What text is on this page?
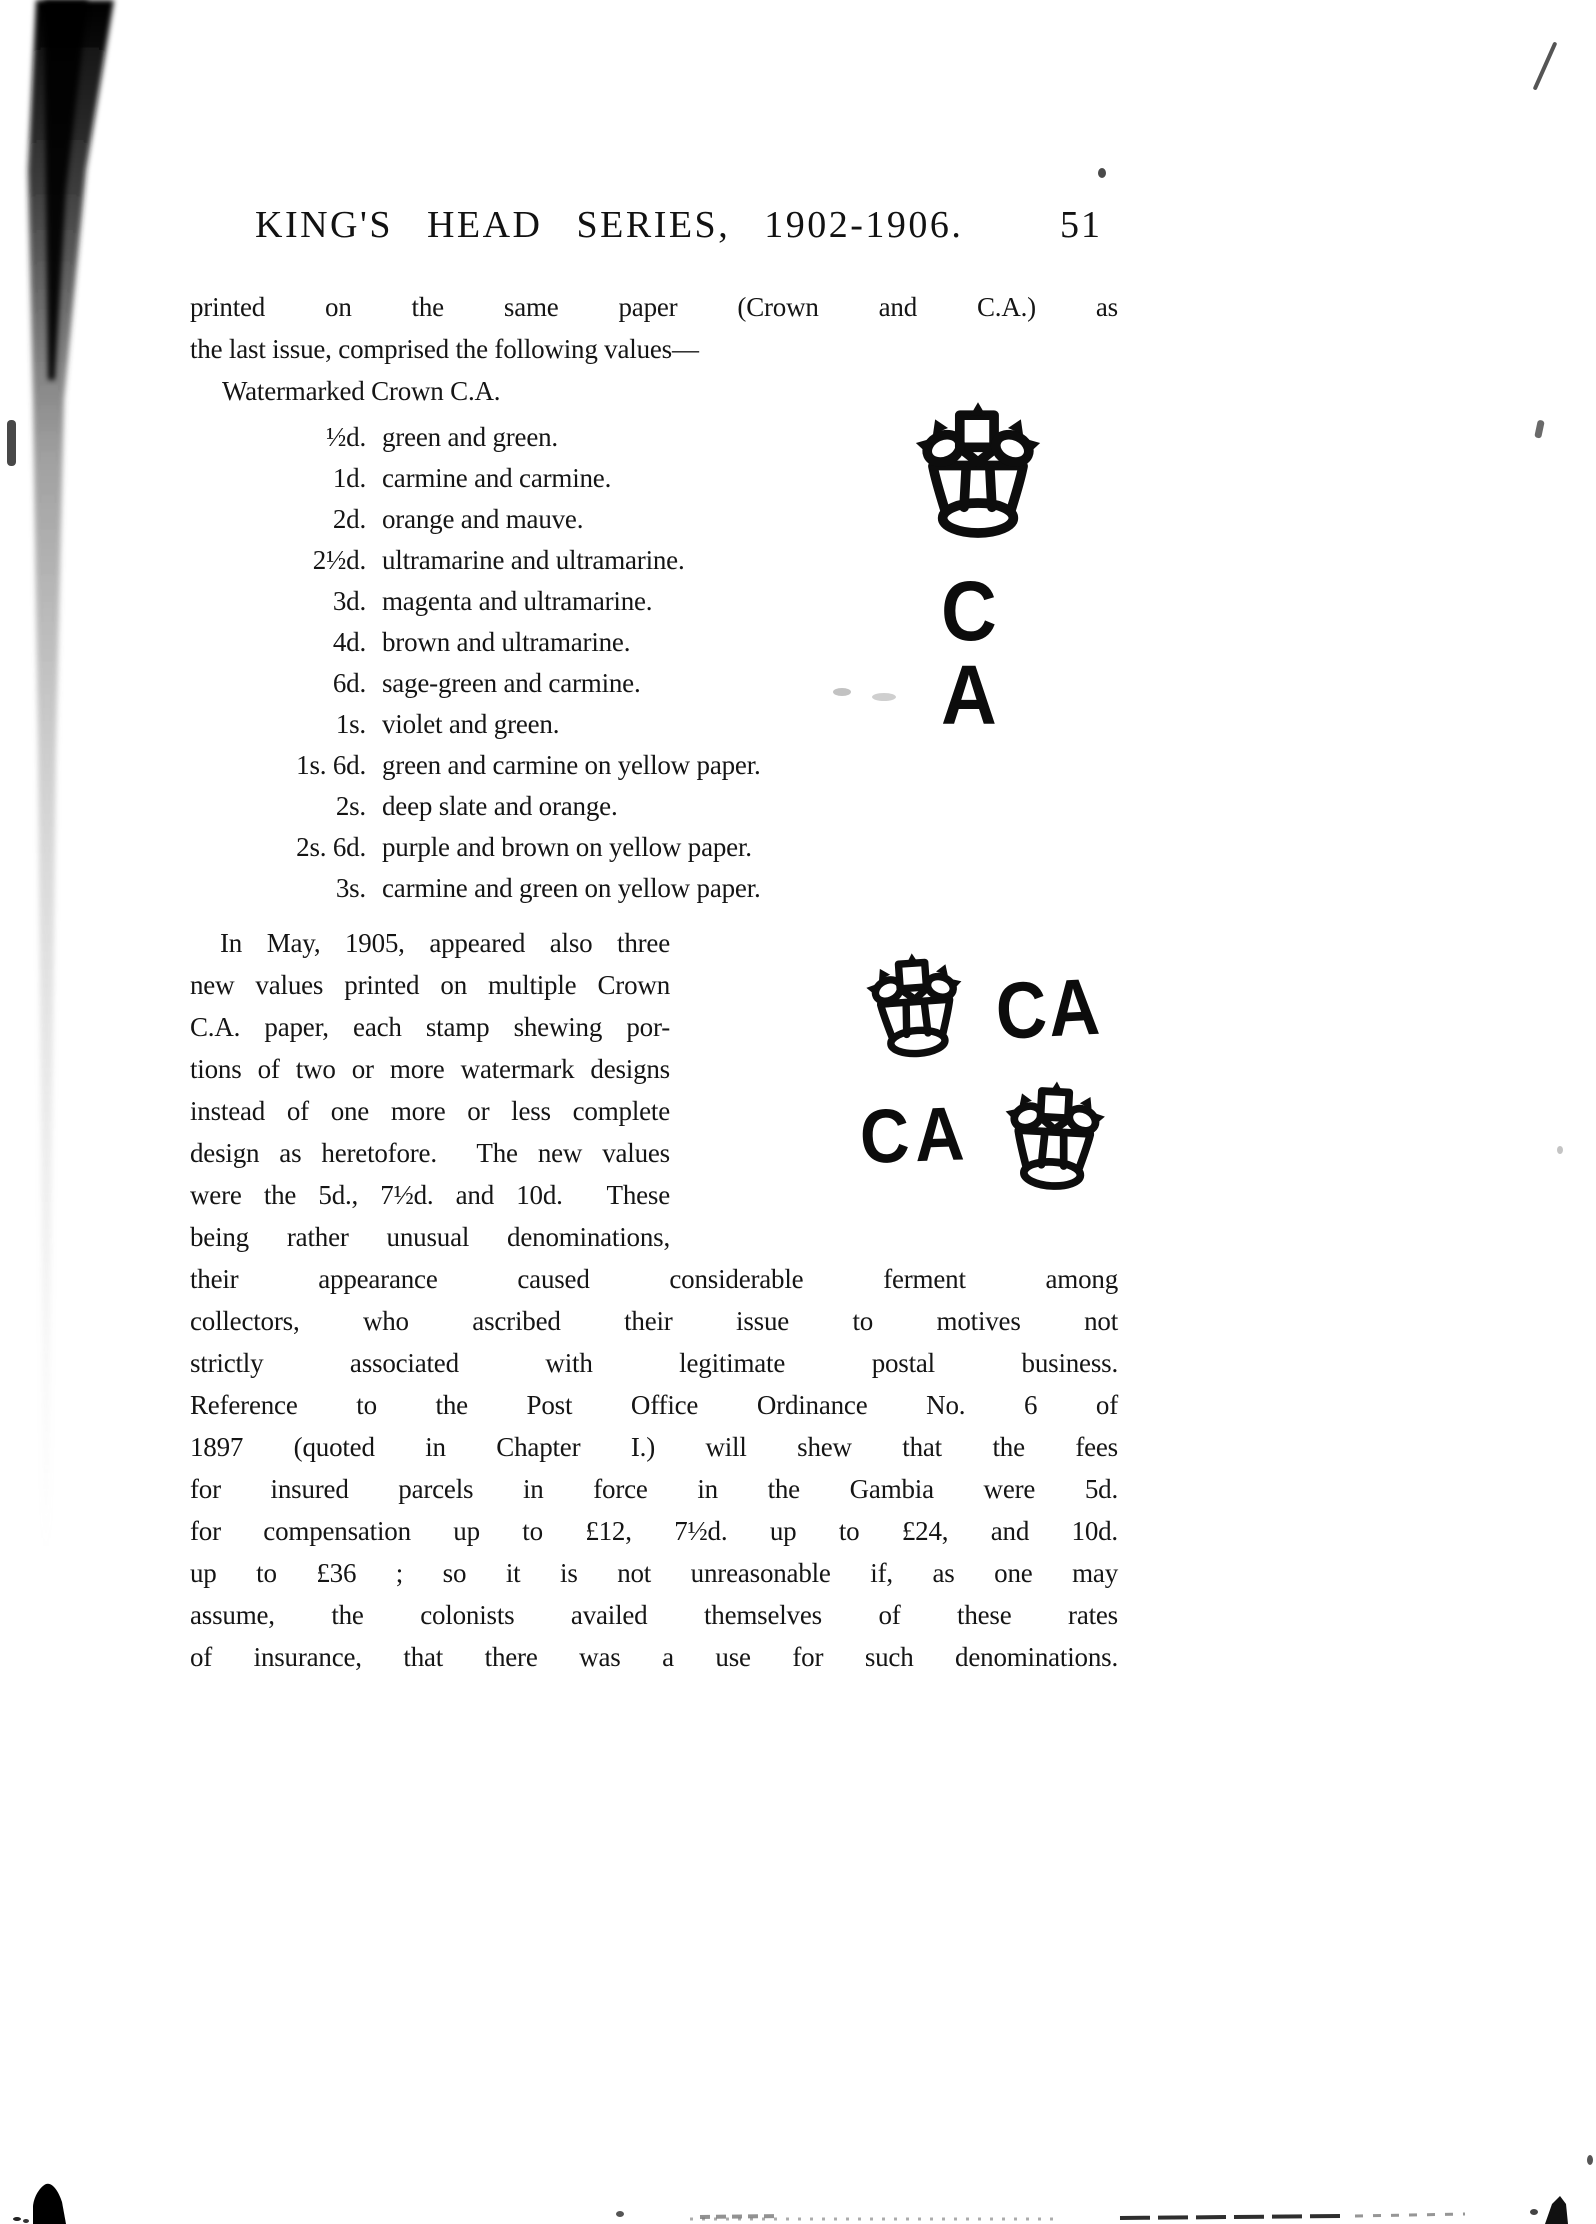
KING'S HEAD SERIES, 1902-1906.	51
printed on the same paper (Crown and C.A.) as
the last issue, comprised the following values—
Watermarked Crown C.A.
½d. green and green.
1d. carmine and carmine.
2d. orange and mauve.
2½d. ultramarine and ultramarine.
3d. magenta and ultramarine.
4d. brown and ultramarine.
6d. sage-green and carmine.
1s. violet and green.
1s. 6d. green and carmine on yellow paper.
2s. deep slate and orange.
2s. 6d. purple and brown on yellow paper.
3s. carmine and green on yellow paper.
In May, 1905, appeared also three
new values printed on multiple Crown
C.A. paper, each stamp shewing por-
tions of two or more watermark designs
instead of one more or less complete
design as heretofore.  The new values
were the 5d., 7½d. and 10d.  These
being rather unusual denominations,
their appearance caused considerable ferment among
collectors, who ascribed their issue to motives not
strictly associated with legitimate postal business.
Reference to the Post Office Ordinance No. 6 of
1897 (quoted in Chapter I.) will shew that the fees
for insured parcels in force in the Gambia were 5d.
for compensation up to £12, 7½d. up to £24, and 10d.
up to £36 ; so it is not unreasonable if, as one may
assume, the colonists availed themselves of these rates
of insurance, that there was a use for such denominations.
C A
CA
CA
